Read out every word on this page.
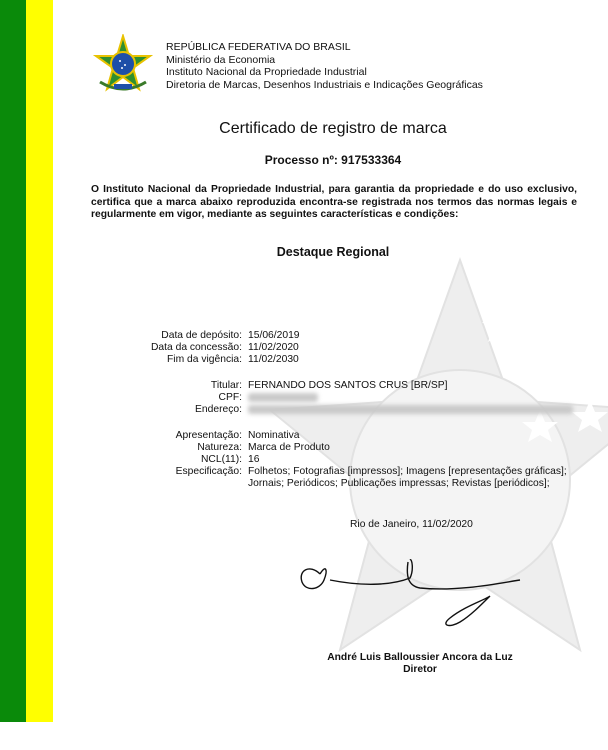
REPÚBLICA FEDERATIVA DO BRASIL
Ministério da Economia
Instituto Nacional da Propriedade Industrial
Diretoria de Marcas, Desenhos Industriais e Indicações Geográficas
Certificado de registro de marca
Processo nº: 917533364
O Instituto Nacional da Propriedade Industrial, para garantia da propriedade e do uso exclusivo, certifica que a marca abaixo reproduzida encontra-se registrada nos termos das normas legais e regularmente em vigor, mediante as seguintes características e condições:
Destaque Regional
Data de depósito: 15/06/2019
Data da concessão: 11/02/2020
Fim da vigência: 11/02/2030
Titular: FERNANDO DOS SANTOS CRUS [BR/SP]
CPF:
Endereço:
Apresentação: Nominativa
Natureza: Marca de Produto
NCL(11): 16
Especificação: Folhetos; Fotografias [impressos]; Imagens [representações gráficas];
Jornais; Periódicos; Publicações impressas; Revistas [periódicos];
Rio de Janeiro, 11/02/2020
André Luis Balloussier Ancora da Luz
Diretor
